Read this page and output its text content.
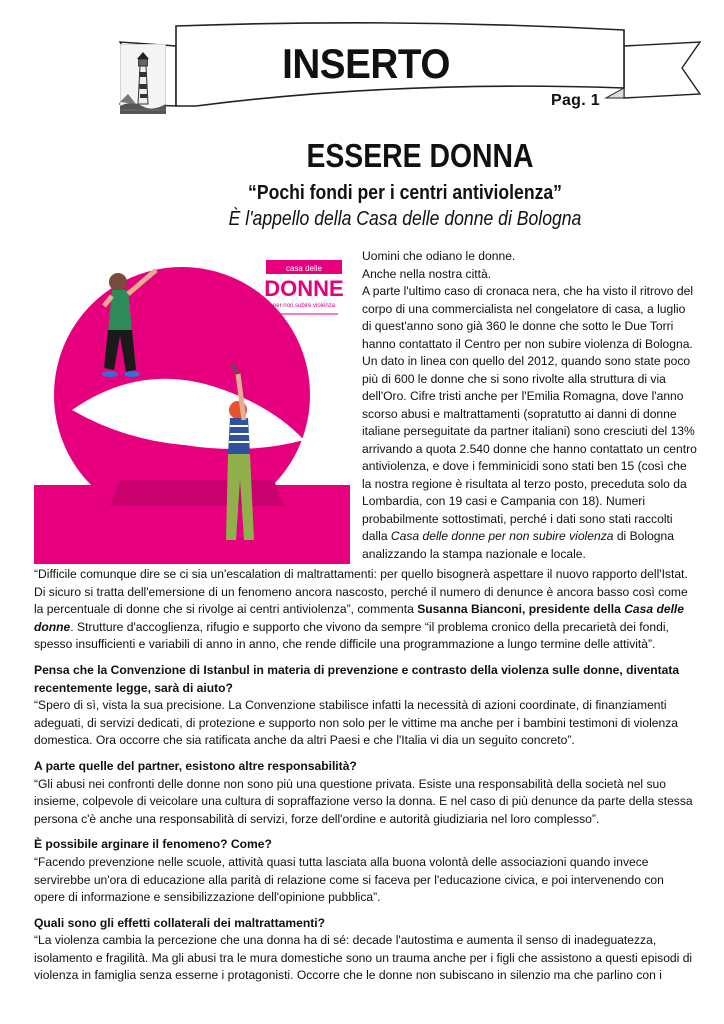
INSERTO
Pag. 1
ESSERE DONNA
“Pochi fondi per i centri antiviolenza”
È l'appello della Casa delle donne di Bologna
casa delle
DONNE
per non subire violenza

Uomini che odiano le donne.

Anche nella nostra città.

A parte l'ultimo caso di cronaca nera, che ha visto il ritrovo del corpo di una commercialista nel congelatore di casa, a luglio di quest'anno sono già 360 le donne che sotto le Due Torri hanno contattato il Centro per non subire violenza di Bologna. Un dato in linea con quello del 2012, quando sono state poco più di 600 le donne che si sono rivolte alla struttura di via dell'Oro. Cifre tristi anche per l'Emilia Romagna, dove l'anno scorso abusi e maltrattamenti (sopratutto ai danni di donne italiane perseguitate da partner italiani) sono cresciuti del 13% arrivando a quota 2.540 donne che hanno contattato un centro antiviolenza, e dove i femminicidi sono stati ben 15 (così che la nostra regione è risultata al terzo posto, preceduta solo da Lombardia, con 19 casi e Campania con 18). Numeri probabilmente sottostimati, perché i dati sono stati raccolti dalla Casa delle donne per non subire violenza di Bologna analizzando la stampa nazionale e locale.

“Difficile comunque dire se ci sia un'escalation di maltrattamenti: per quello bisognerà aspettare il nuovo rapporto dell'Istat. Di sicuro si tratta dell'emersione di un fenomeno ancora nascosto, perché il numero di denunce è ancora basso così come la percentuale di donne che si rivolge ai centri antiviolenza”, commenta Susanna Bianconi, presidente della Casa delle donne. Strutture d'accoglienza, rifugio e supporto che vivono da sempre “il problema cronico della precarietà dei fondi, spesso insufficienti e variabili di anno in anno, che rende difficile una programmazione a lungo termine delle attività”.

Pensa che la Convenzione di Istanbul in materia di prevenzione e contrasto della violenza sulle donne, diventata recentemente legge, sarà di aiuto?

“Spero di sì, vista la sua precisione. La Convenzione stabilisce infatti la necessità di azioni coordinate, di finanziamenti adeguati, di servizi dedicati, di protezione e supporto non solo per le vittime ma anche per i bambini testimoni di violenza domestica. Ora occorre che sia ratificata anche da altri Paesi e che l'Italia vi dia un seguito concreto”.

A parte quelle del partner, esistono altre responsabilità?

“Gli abusi nei confronti delle donne non sono più una questione privata. Esiste una responsabilità della società nel suo insieme, colpevole di veicolare una cultura di sopraffazione verso la donna. E nel caso di più denunce da parte della stessa persona c'è anche una responsabilità di servizi, forze dell'ordine e autorità giudiziaria nel loro complesso”.

È possibile arginare il fenomeno? Come?

“Facendo prevenzione nelle scuole, attività quasi tutta lasciata alla buona volontà delle associazioni quando invece servirebbe un'ora di educazione alla parità di relazione come si faceva per l'educazione civica, e poi intervenendo con opere di informazione e sensibilizzazione dell'opinione pubblica”.

Quali sono gli effetti collaterali dei maltrattamenti?

“La violenza cambia la percezione che una donna ha di sé: decade l'autostima e aumenta il senso di inadeguatezza, isolamento e fragilità. Ma gli abusi tra le mura domestiche sono un trauma anche per i figli che assistono a questi episodi di violenza in famiglia senza esserne i protagonisti. Occorre che le donne non subiscano in silenzio ma che parlino con i
